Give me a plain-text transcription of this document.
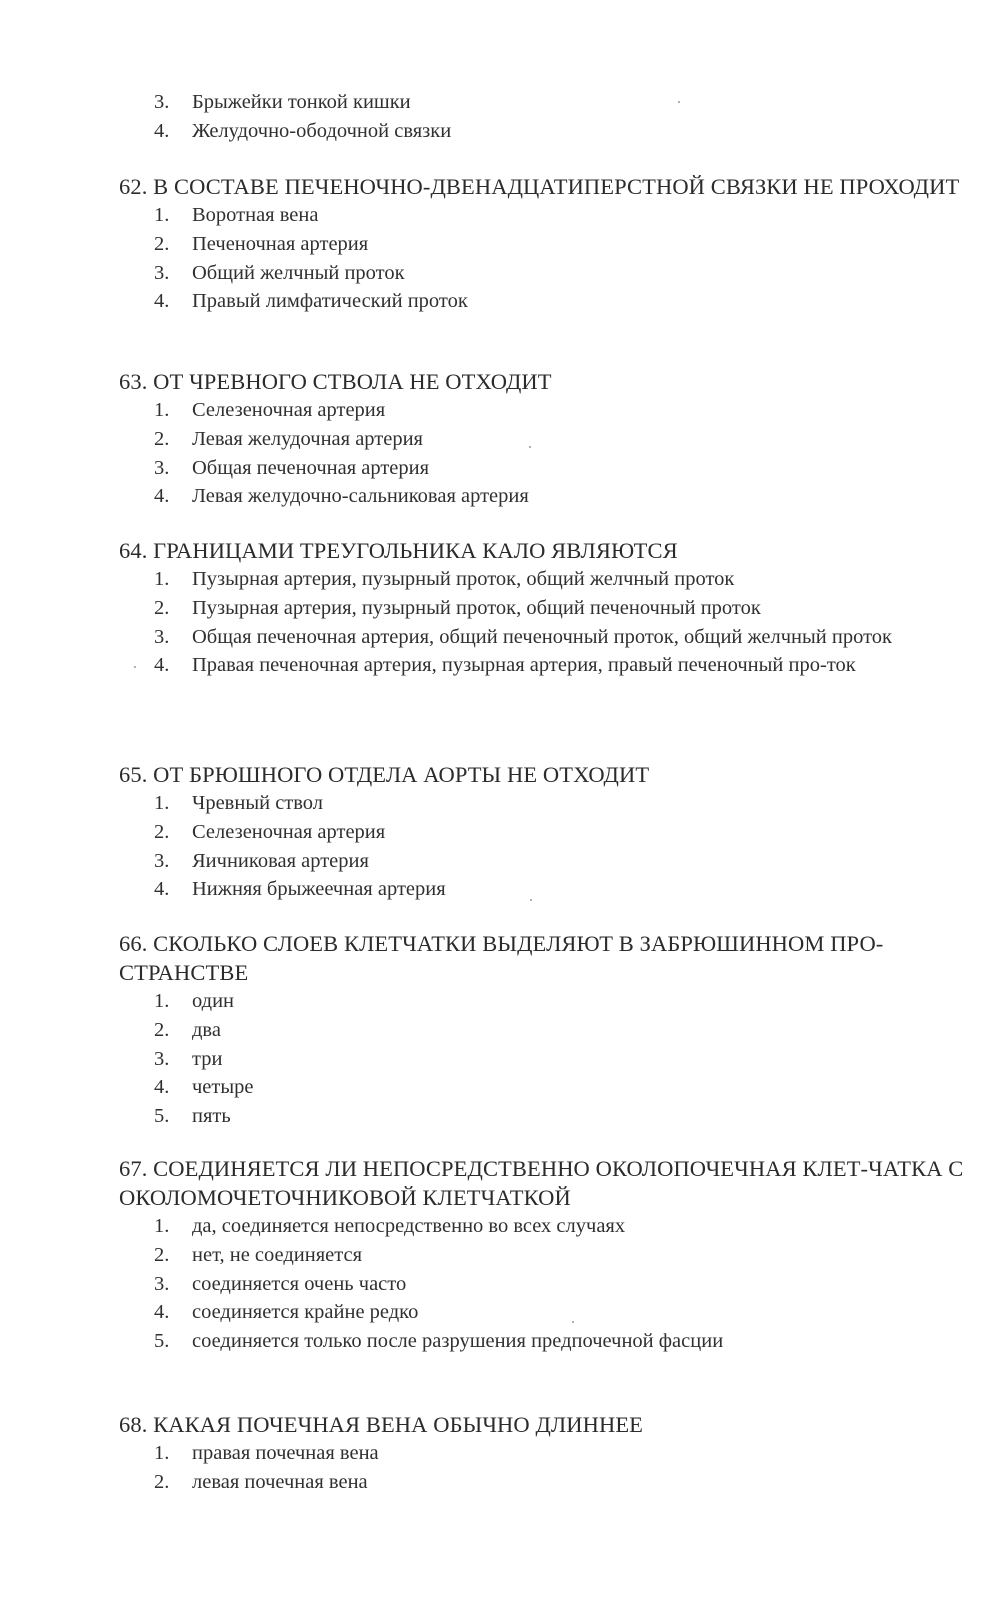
3.	Брыжейки тонкой кишки
4.	Желудочно-ободочной связки

62. В СОСТАВЕ ПЕЧЕНОЧНО-ДВЕНАДЦАТИПЕРСТНОЙ СВЯЗКИ НЕ ПРОХОДИТ

1.	Воротная вена
2.	Печеночная артерия
3.	Общий желчный проток
4.	Правый лимфатический проток

63. ОТ ЧРЕВНОГО СТВОЛА НЕ ОТХОДИТ

1.	Селезеночная артерия
2.	Левая желудочная артерия
3.	Общая печеночная артерия
4.	Левая желудочно-сальниковая артерия

64. ГРАНИЦАМИ ТРЕУГОЛЬНИКА КАЛО ЯВЛЯЮТСЯ

1.	Пузырная артерия, пузырный проток, общий желчный проток
2.	Пузырная артерия, пузырный проток, общий печеночный проток
3.	Общая печеночная артерия, общий печеночный проток, общий желчный проток
4.	Правая печеночная артерия, пузырная артерия, правый печеночный про-ток

65. ОТ БРЮШНОГО ОТДЕЛА АОРТЫ НЕ ОТХОДИТ

1.	Чревный ствол
2.	Селезеночная артерия
3.	Яичниковая артерия
4.	Нижняя брыжеечная артерия

66. СКОЛЬКО СЛОЕВ КЛЕТЧАТКИ ВЫДЕЛЯЮТ В ЗАБРЮШИННОМ ПРО-СТРАНСТВЕ

1.	один
2.	два
3.	три
4.	четыре
5.	пять

67. СОЕДИНЯЕТСЯ ЛИ НЕПОСРЕДСТВЕННО ОКОЛОПОЧЕЧНАЯ КЛЕТ-ЧАТКА С ОКОЛОМОЧЕТОЧНИКОВОЙ КЛЕТЧАТКОЙ

1.	да, соединяется непосредственно во всех случаях
2.	нет, не соединяется
3.	соединяется очень часто
4.	соединяется крайне редко
5.	соединяется только после разрушения предпочечной фасции

68. КАКАЯ ПОЧЕЧНАЯ ВЕНА ОБЫЧНО ДЛИННЕЕ

1.	правая почечная вена
2.	левая почечная вена
